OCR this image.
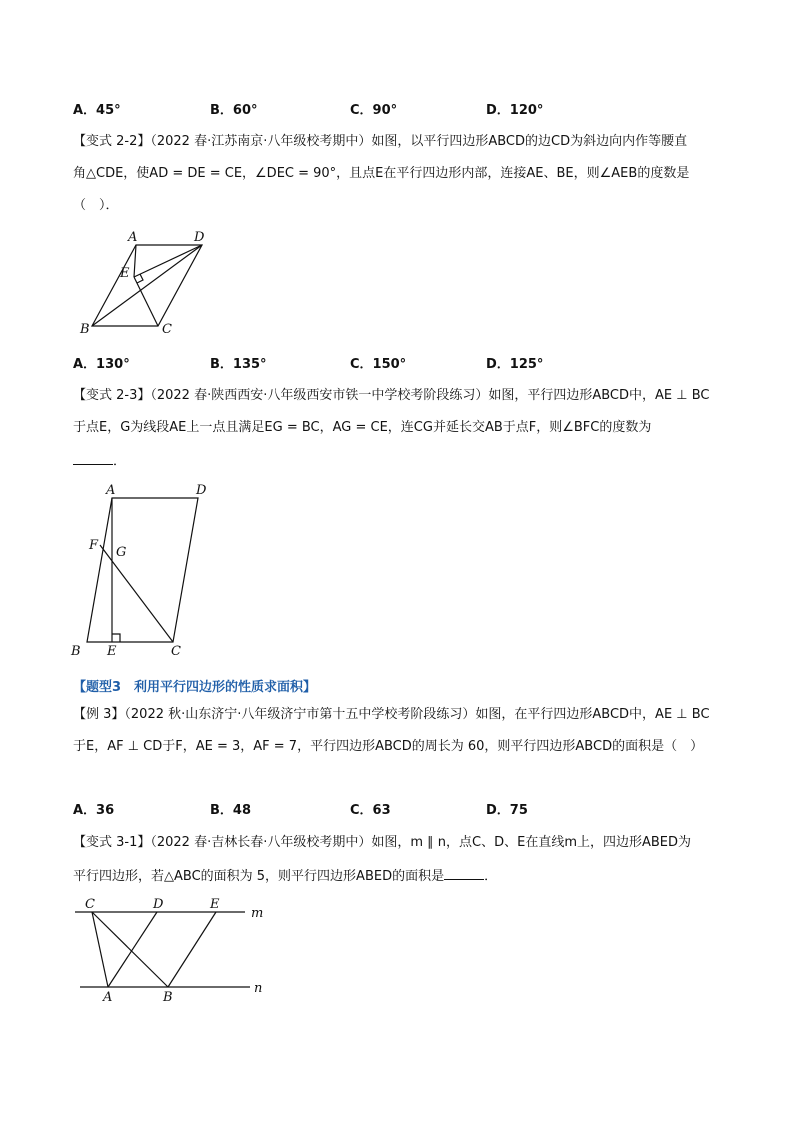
A．45°	B．60°	C．90°	D．120°
【变式 2-2】（2022 春·江苏南京·八年级校考期中）如图，以平行四边形ABCD的边CD为斜边向内作等腰直
角△CDE，使AD = DE = CE，∠DEC = 90°，且点E在平行四边形内部，连接AE、BE，则∠AEB的度数是
（　）．
A	D
E
B	C
A．130°	B．135°	C．150°	D．125°
【变式 2-3】（2022 春·陕西西安·八年级西安市铁一中学校考阶段练习）如图，平行四边形ABCD中，AE ⊥ BC
于点E，G为线段AE上一点且满足EG = BC，AG = CE，连CG并延长交AB于点F，则∠BFC的度数为
．
A	D
F G
B E	C
【题型3　利用平行四边形的性质求面积】
【例 3】（2022 秋·山东济宁·八年级济宁市第十五中学校考阶段练习）如图，在平行四边形ABCD中，AE ⊥ BC
于E，AF ⊥ CD于F，AE = 3，AF = 7，平行四边形ABCD的周长为 60，则平行四边形ABCD的面积是（　）
A．36	B．48	C．63	D．75
【变式 3-1】（2022 春·吉林长春·八年级校考期中）如图，m ∥ n，点C、D、E在直线m上，四边形ABED为
平行四边形，若△ABC的面积为 5，则平行四边形ABED的面积是	．
C	D	E
m
A	B
n
